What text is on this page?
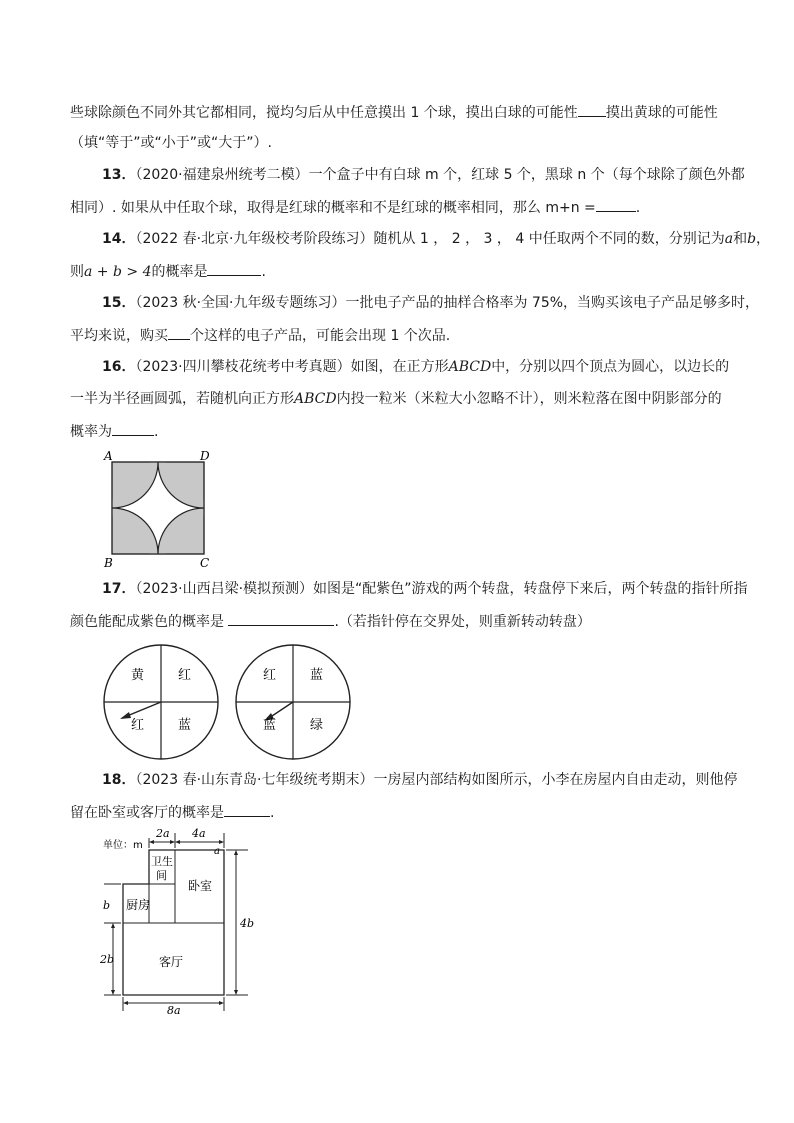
些球除颜色不同外其它都相同，搅均匀后从中任意摸出 1 个球，摸出白球的可能性 摸出黄球的可能性
（填“等于”或“小于”或“大于”）.
13．（2020·福建泉州统考二模）一个盒子中有白球 m 个，红球 5 个，黑球 n 个（每个球除了颜色外都
相同）. 如果从中任取个球，取得是红球的概率和不是红球的概率相同，那么 m+n =	.
14．（2022 春·北京·九年级校考阶段练习）随机从 1 ， 2 ， 3 ， 4 中任取两个不同的数，分别记为a和b，
则a + b > 4的概率是	.
15．（2023 秋·全国·九年级专题练习）一批电子产品的抽样合格率为 75%，当购买该电子产品足够多时，
平均来说，购买 个这样的电子产品，可能会出现 1 个次品.
16．（2023·四川攀枝花统考中考真题）如图，在正方形ABCD中，分别以四个顶点为圆心，以边长的
一半为半径画圆弧，若随机向正方形ABCD内投一粒米（米粒大小忽略不计），则米粒落在图中阴影部分的
概率为	.
A	D
B	C
17．（2023·山西吕梁·模拟预测）如图是“配紫色”游戏的两个转盘，转盘停下来后，两个转盘的指针所指
颜色能配成紫色的概率是	.（若指针停在交界处，则重新转动转盘）
黄	红
红	蓝
红	蓝
蓝	绿
18．（2023 春·山东青岛·七年级统考期末）一房屋内部结构如图所示，小李在房屋内自由走动，则他停
留在卧室或客厅的概率是	.
单位：m
2a 4a
a
卫生
间
卧室
厨房
客厅
b
2b
4b
8a
